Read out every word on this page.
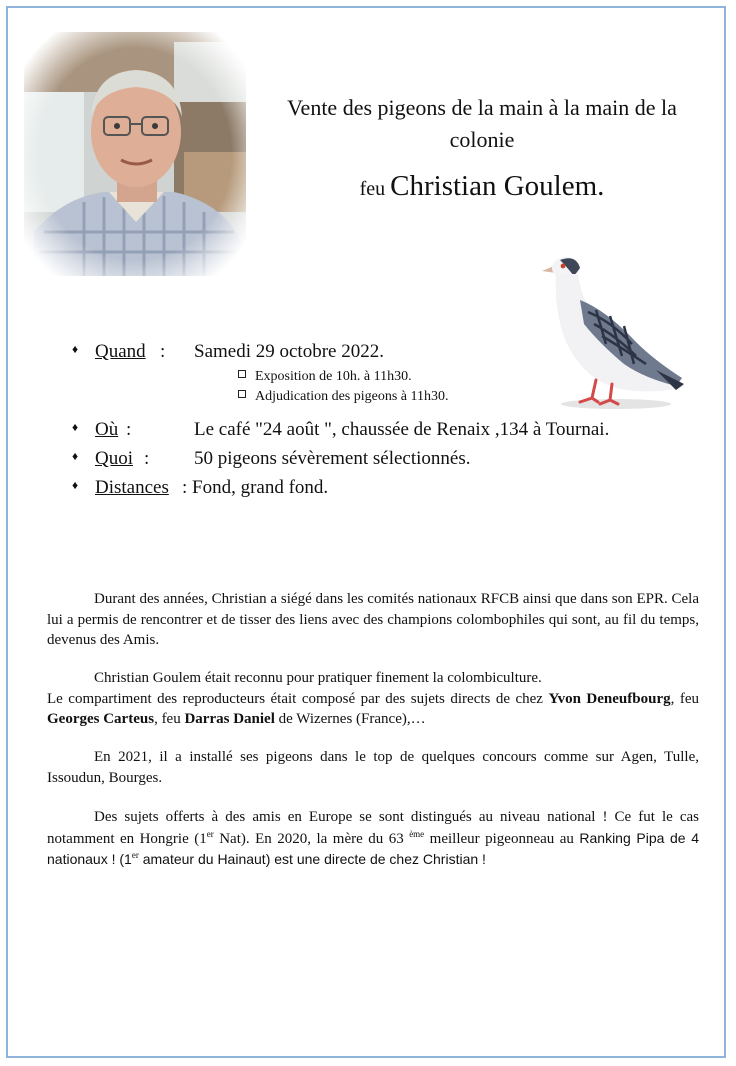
Vente des pigeons de la main à la main de la colonie
feu Christian Goulem.
♦ Quand : Samedi 29 octobre 2022.
Exposition de 10h. à 11h30.
Adjudication des pigeons à 11h30.
♦ Où :	Le café "24 août ", chaussée de Renaix ,134 à Tournai.
♦ Quoi : 50 pigeons sévèrement sélectionnés.
♦ Distances : Fond, grand fond.

Durant des années, Christian a siégé dans les comités nationaux RFCB ainsi que dans son EPR. Cela lui a permis de rencontrer et de tisser des liens avec des champions colombophiles qui sont, au fil du temps, devenus des Amis.

Christian Goulem était reconnu pour pratiquer finement la colombiculture.
Le compartiment des reproducteurs était composé par des sujets directs de chez Yvon Deneufbourg, feu Georges Carteus, feu Darras Daniel de Wizernes (France),…

En 2021, il a installé ses pigeons dans le top de quelques concours comme sur Agen, Tulle, Issoudun, Bourges.

Des sujets offerts à des amis en Europe se sont distingués au niveau national ! Ce fut le cas notamment en Hongrie (1er Nat). En 2020, la mère du 63 $^{ème}$ meilleur pigeonneau au Ranking Pipa de 4 nationaux ! (1er amateur du Hainaut) est une directe de chez Christian !
